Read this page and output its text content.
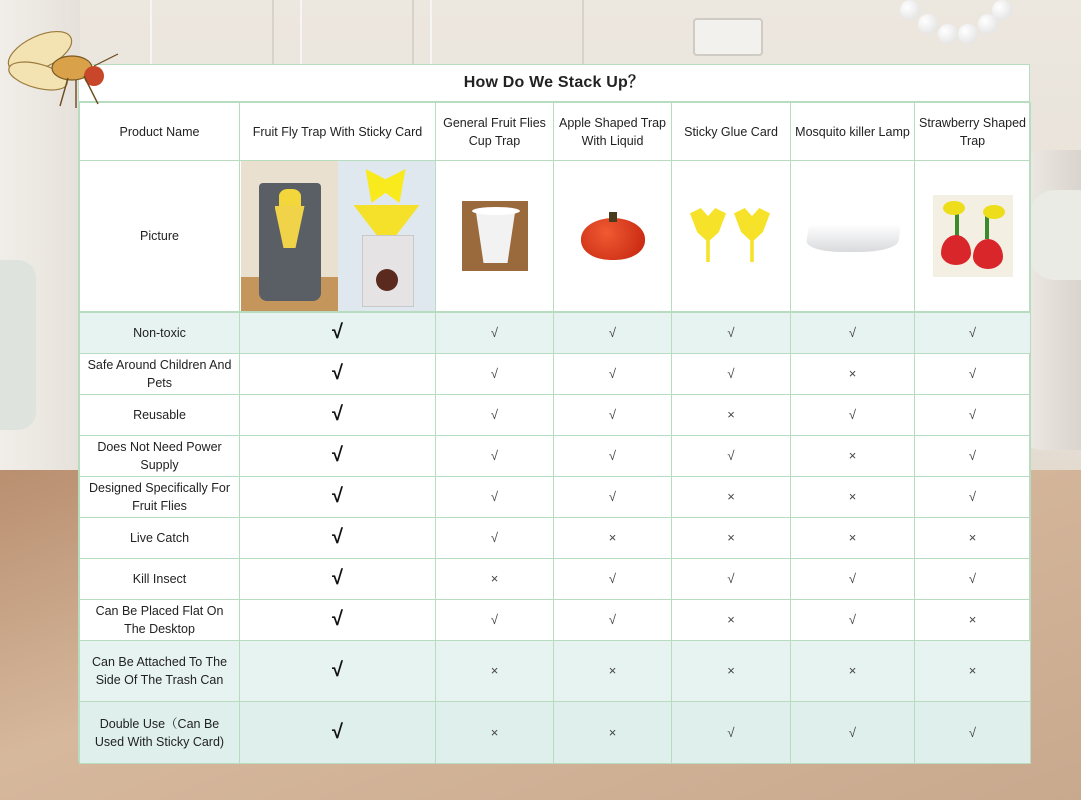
How Do We Stack Up？
Product Name	Fruit Fly Trap With Sticky Card	General Fruit Flies Cup Trap	Apple Shaped Trap With Liquid	Sticky Glue Card	Mosquito killer Lamp	Strawberry Shaped Trap
Picture	

Non-toxic	√	√	√	√	√	√
Safe Around Children And Pets	√	√	√	√	×	√
Reusable	√	√	√	×	√	√
Does Not Need Power Supply	√	√	√	√	×	√
Designed Specifically For Fruit Flies	√	√	√	×	×	√
Live Catch	√	√	×	×	×	×
Kill Insect	√	×	√	√	√	√
Can Be Placed Flat On The Desktop	√	√	√	×	√	×
Can Be Attached To The Side Of The Trash Can	√	×	×	×	×	×
Double Use（Can Be Used With Sticky Card)	√	×	×	√	√	√
